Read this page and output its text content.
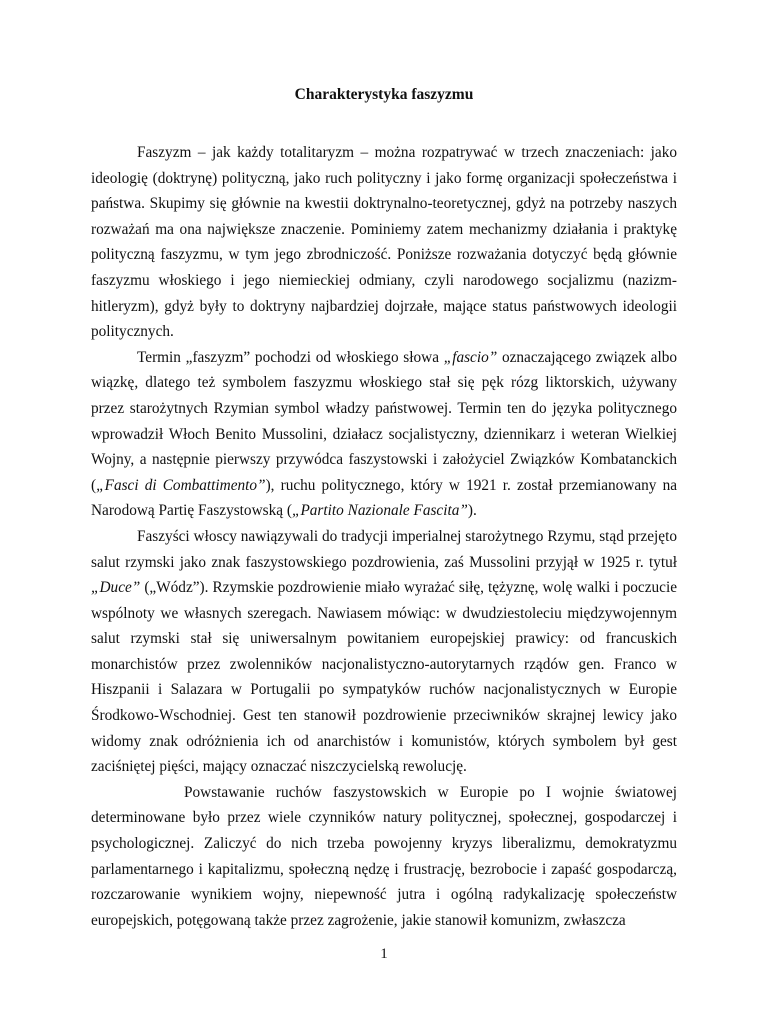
Charakterystyka faszyzmu

Faszyzm – jak każdy totalitaryzm – można rozpatrywać w trzech znaczeniach: jako ideologię (doktrynę) polityczną, jako ruch polityczny i jako formę organizacji społeczeństwa i państwa. Skupimy się głównie na kwestii doktrynalno-teoretycznej, gdyż na potrzeby naszych rozważań ma ona największe znaczenie. Pominiemy zatem mechanizmy działania i praktykę polityczną faszyzmu, w tym jego zbrodniczość. Poniższe rozważania dotyczyć będą głównie faszyzmu włoskiego i jego niemieckiej odmiany, czyli narodowego socjalizmu (nazizm-hitleryzm), gdyż były to doktryny najbardziej dojrzałe, mające status państwowych ideologii politycznych.

Termin „faszyzm” pochodzi od włoskiego słowa „fascio” oznaczającego związek albo wiązkę, dlatego też symbolem faszyzmu włoskiego stał się pęk rózg liktorskich, używany przez starożytnych Rzymian symbol władzy państwowej. Termin ten do języka politycznego wprowadził Włoch Benito Mussolini, działacz socjalistyczny, dziennikarz i weteran Wielkiej Wojny, a następnie pierwszy przywódca faszystowski i założyciel Związków Kombatanckich („Fasci di Combattimento”), ruchu politycznego, który w 1921 r. został przemianowany na Narodową Partię Faszystowską („Partito Nazionale Fascita”).

Faszyści włoscy nawiązywali do tradycji imperialnej starożytnego Rzymu, stąd przejęto salut rzymski jako znak faszystowskiego pozdrowienia, zaś Mussolini przyjął w 1925 r. tytuł „Duce” („Wódz”). Rzymskie pozdrowienie miało wyrażać siłę, tężyznę, wolę walki i poczucie wspólnoty we własnych szeregach. Nawiasem mówiąc: w dwudziestoleciu międzywojennym salut rzymski stał się uniwersalnym powitaniem europejskiej prawicy: od francuskich monarchistów przez zwolenników nacjonalistyczno-autorytarnych rządów gen. Franco w Hiszpanii i Salazara w Portugalii po sympatyków ruchów nacjonalistycznych w Europie Środkowo-Wschodniej. Gest ten stanowił pozdrowienie przeciwników skrajnej lewicy jako widomy znak odróżnienia ich od anarchistów i komunistów, których symbolem był gest zaciśniętej pięści, mający oznaczać niszczycielską rewolucję.

Powstawanie ruchów faszystowskich w Europie po I wojnie światowej determinowane było przez wiele czynników natury politycznej, społecznej, gospodarczej i psychologicznej. Zaliczyć do nich trzeba powojenny kryzys liberalizmu, demokratyzmu parlamentarnego i kapitalizmu, społeczną nędzę i frustrację, bezrobocie i zapaść gospodarczą, rozczarowanie wynikiem wojny, niepewność jutra i ogólną radykalizację społeczeństw europejskich, potęgowaną także przez zagrożenie, jakie stanowił komunizm, zwłaszcza

1
